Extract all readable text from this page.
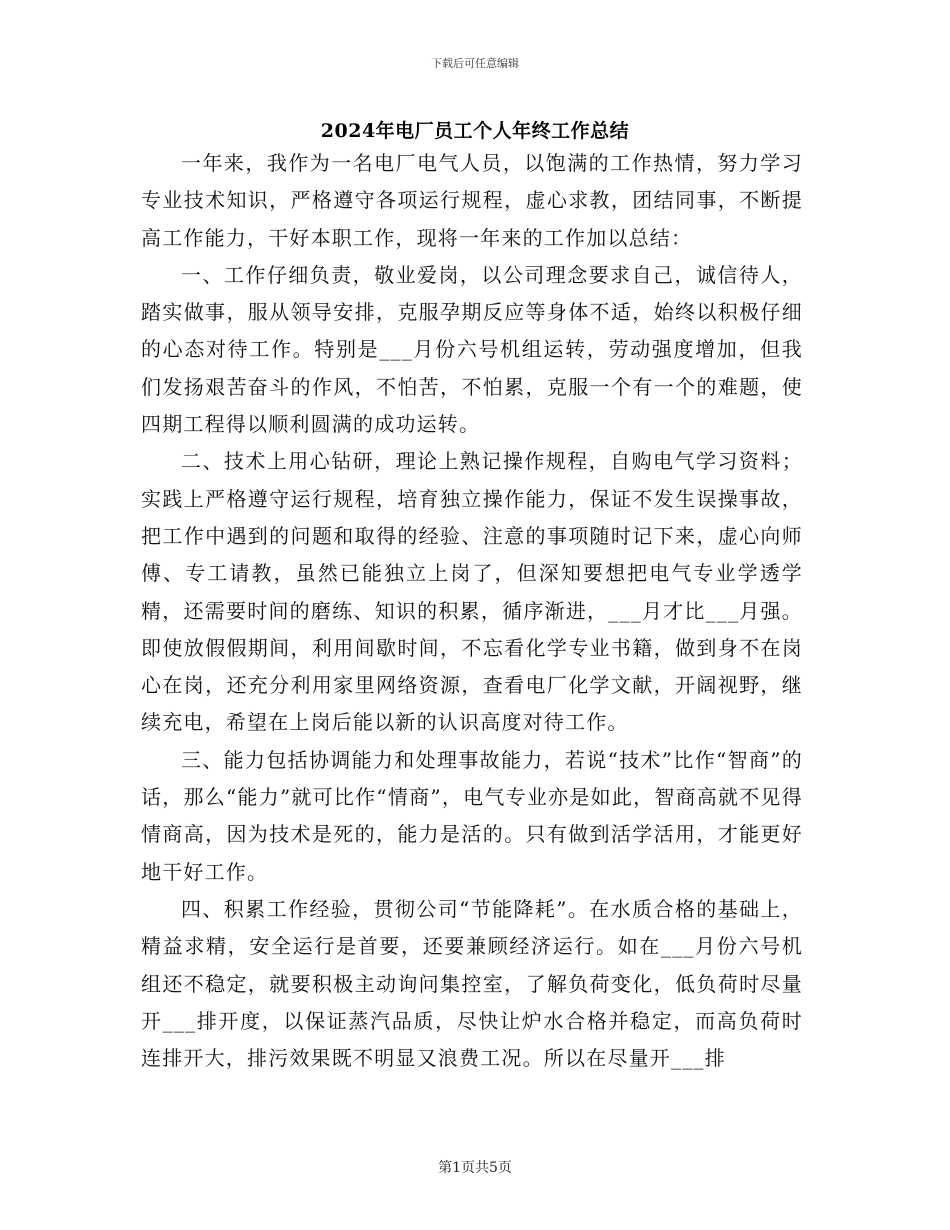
下载后可任意编辑
2024年电厂员工个人年终工作总结

一年来，我作为一名电厂电气人员，以饱满的工作热情，努力学习专业技术知识，严格遵守各项运行规程，虚心求教，团结同事，不断提高工作能力，干好本职工作，现将一年来的工作加以总结：

一、工作仔细负责，敬业爱岗，以公司理念要求自己，诚信待人，踏实做事，服从领导安排，克服孕期反应等身体不适，始终以积极仔细的心态对待工作。特别是___月份六号机组运转，劳动强度增加，但我们发扬艰苦奋斗的作风，不怕苦，不怕累，克服一个有一个的难题，使四期工程得以顺利圆满的成功运转。

二、技术上用心钻研，理论上熟记操作规程，自购电气学习资料；实践上严格遵守运行规程，培育独立操作能力，保证不发生误操事故，把工作中遇到的问题和取得的经验、注意的事项随时记下来，虚心向师傅、专工请教，虽然已能独立上岗了，但深知要想把电气专业学透学精，还需要时间的磨练、知识的积累，循序渐进，___月才比___月强。即使放假假期间，利用间歇时间，不忘看化学专业书籍，做到身不在岗心在岗，还充分利用家里网络资源，查看电厂化学文献，开阔视野，继续充电，希望在上岗后能以新的认识高度对待工作。

三、能力包括协调能力和处理事故能力，若说“技术”比作“智商”的话，那么“能力”就可比作“情商”，电气专业亦是如此，智商高就不见得情商高，因为技术是死的，能力是活的。只有做到活学活用，才能更好地干好工作。

四、积累工作经验，贯彻公司“节能降耗”。在水质合格的基础上，精益求精，安全运行是首要，还要兼顾经济运行。如在___月份六号机组还不稳定，就要积极主动询问集控室，了解负荷变化，低负荷时尽量开___排开度，以保证蒸汽品质，尽快让炉水合格并稳定，而高负荷时连排开大，排污效果既不明显又浪费工况。所以在尽量开___排

第1页共5页
